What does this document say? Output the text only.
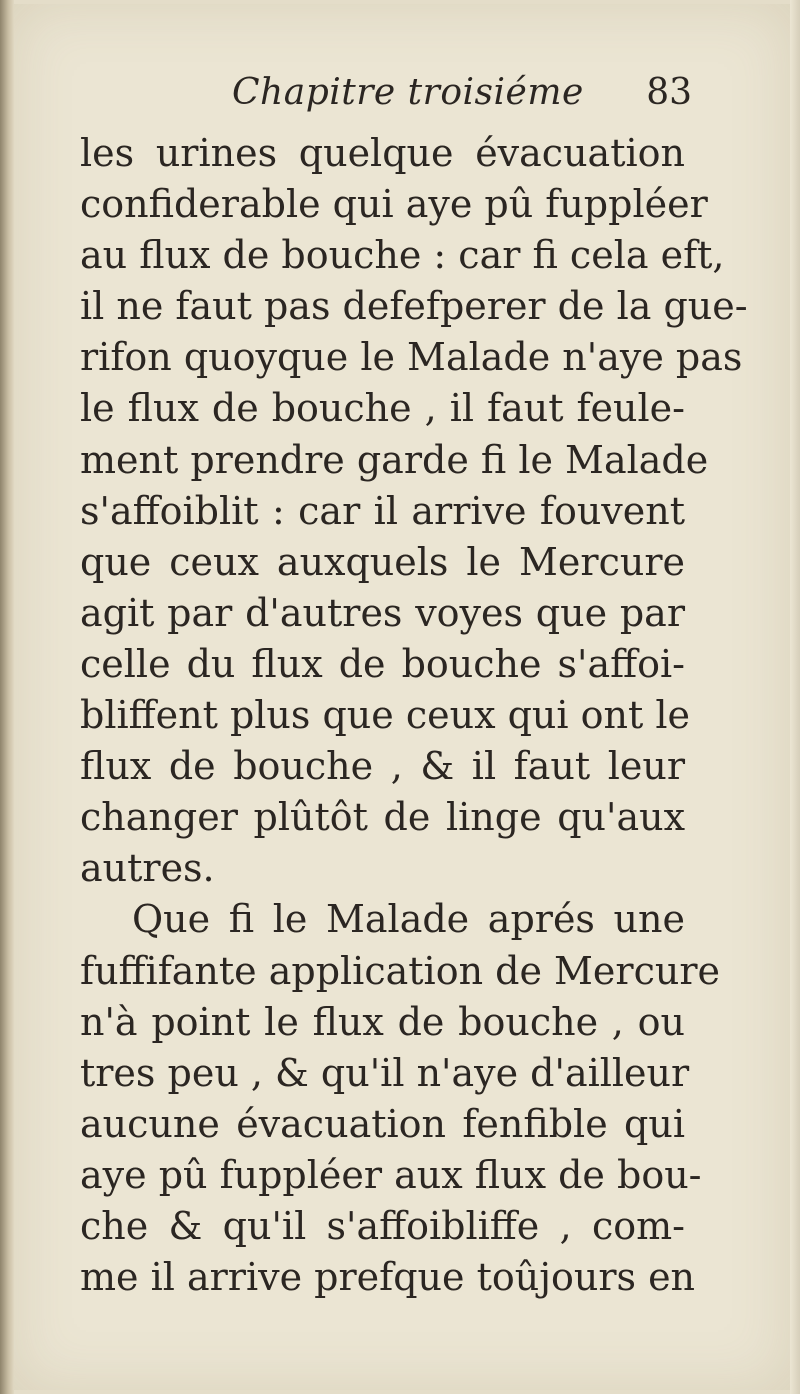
Chapitre troisiéme 83
les urines quelque évacuation
confiderable qui aye pû fuppléer
au flux de bouche : car fi cela eft,
il ne faut pas defefperer de la gue-
rifon quoyque le Malade n'aye pas
le flux de bouche , il faut feule-
ment prendre garde fi le Malade
s'affoiblit : car il arrive fouvent
que ceux auxquels le Mercure
agit par d'autres voyes que par
celle du flux de bouche s'affoi-
bliffent plus que ceux qui ont le
flux de bouche , & il faut leur
changer plûtôt de linge qu'aux
autres.
Que fi le Malade aprés une
fuffifante application de Mercure
n'à point le flux de bouche , ou
tres peu , & qu'il n'aye d'ailleur
aucune évacuation fenfible qui
aye pû fuppléer aux flux de bou-
che & qu'il s'affoibliffe , com-
me il arrive prefque toûjours en
